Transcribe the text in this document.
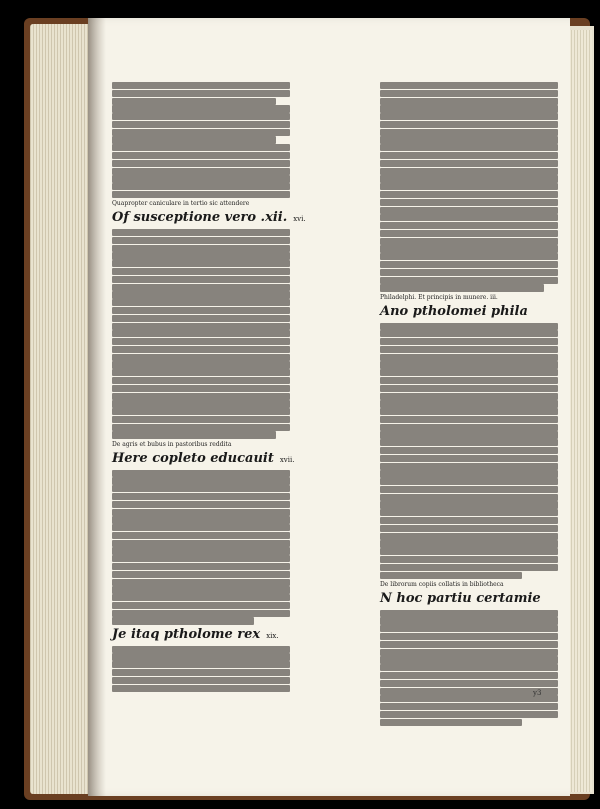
Quapropter caniculare in tertio sic attendere
Of susceptione vero .xii. xvi.
De agris et bubus in pastoribus reddita
Here copleto educauit xvii.
Je itaq ptholome rex xix.
Philadelphi. Et principis in munere. iii.
Ano ptholomei phila
De librorum copiis collatis in bibliotheca
N hoc partiu certamie
y3
